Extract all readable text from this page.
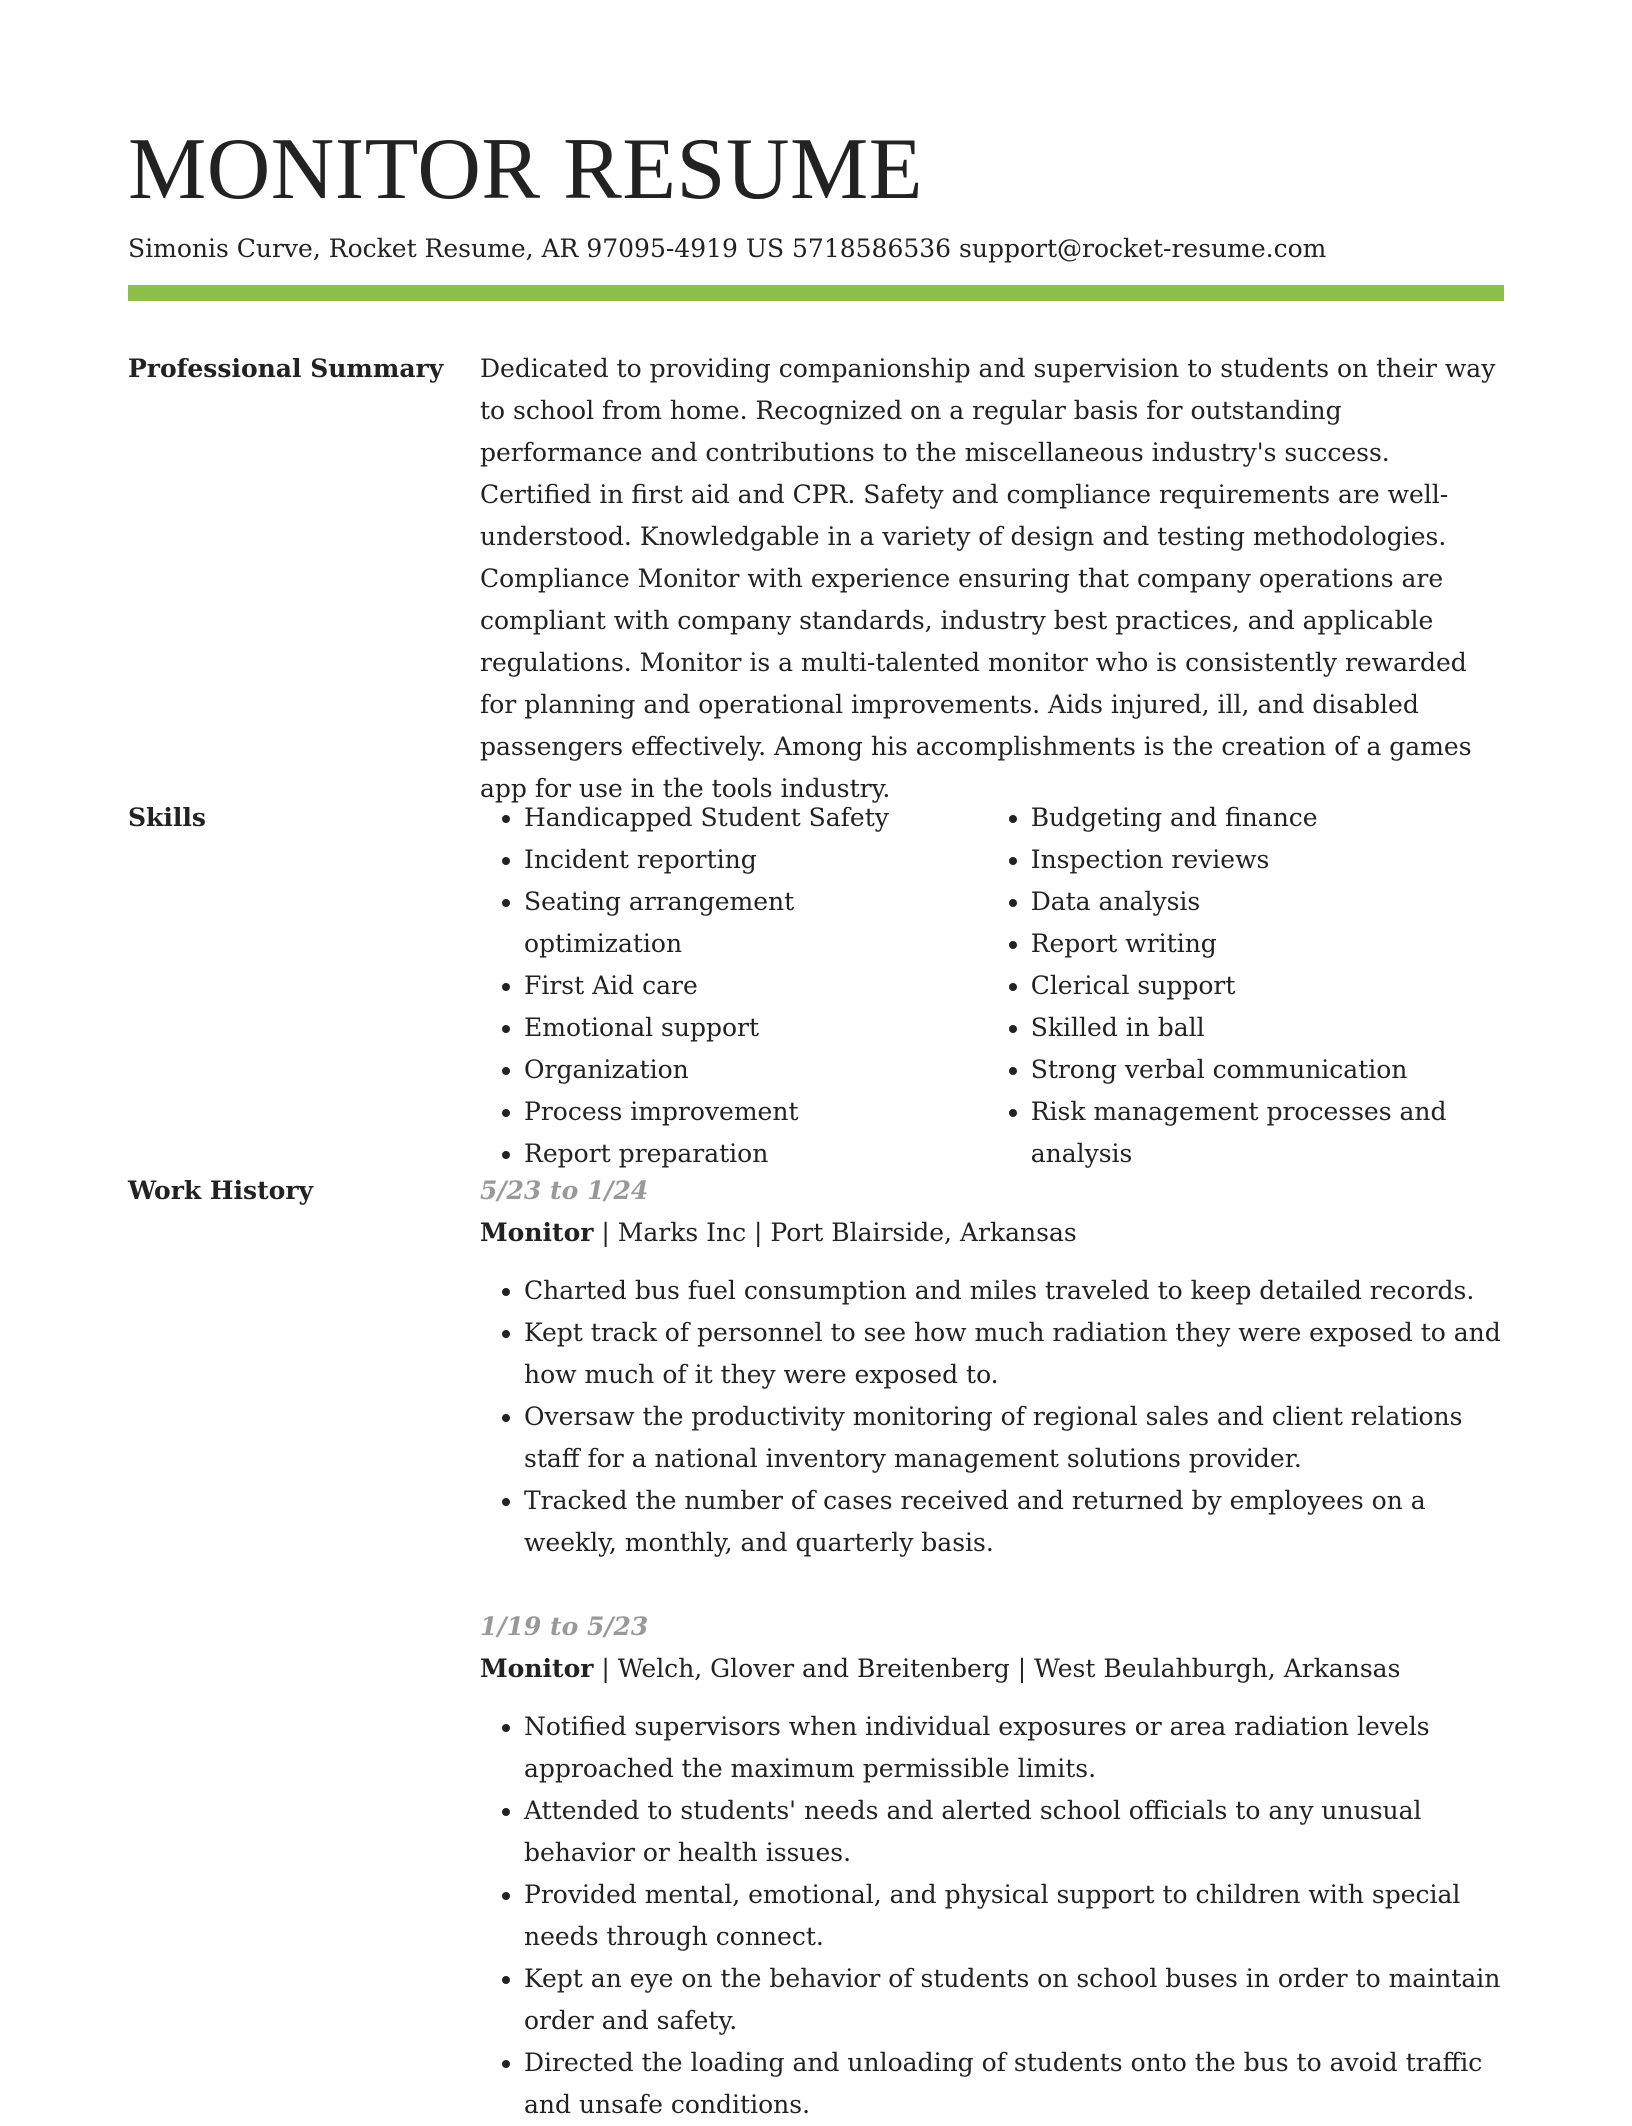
MONITOR RESUME
Simonis Curve, Rocket Resume, AR 97095-4919 US 5718586536 support@rocket-resume.com
Professional Summary Dedicated to providing companionship and supervision to students on their way to school from home. Recognized on a regular basis for outstanding performance and contributions to the miscellaneous industry's success. Certified in first aid and CPR. Safety and compliance requirements are well-understood. Knowledgable in a variety of design and testing methodologies. Compliance Monitor with experience ensuring that company operations are compliant with company standards, industry best practices, and applicable regulations. Monitor is a multi-talented monitor who is consistently rewarded for planning and operational improvements. Aids injured, ill, and disabled passengers effectively. Among his accomplishments is the creation of a games app for use in the tools industry.

Skills
•	Handicapped Student Safety
• Incident reporting
• Seating arrangement optimization
• First Aid care
• Emotional support
• Organization
• Process improvement
• Report preparation
• Budgeting and finance
• Inspection reviews
• Data analysis
• Report writing
• Clerical support
• Skilled in ball
• Strong verbal communication
• Risk management processes and analysis
Work History	5/23 to 1/24
Monitor | Marks Inc | Port Blairside, Arkansas
• Charted bus fuel consumption and miles traveled to keep detailed records.
• Kept track of personnel to see how much radiation they were exposed to and how much of it they were exposed to.
• Oversaw the productivity monitoring of regional sales and client relations staff for a national inventory management solutions provider.
• Tracked the number of cases received and returned by employees on a weekly, monthly, and quarterly basis.
1/19 to 5/23
Monitor | Welch, Glover and Breitenberg | West Beulahburgh, Arkansas
• Notified supervisors when individual exposures or area radiation levels approached the maximum permissible limits.
• Attended to students' needs and alerted school officials to any unusual behavior or health issues.
• Provided mental, emotional, and physical support to children with special needs through connect.
• Kept an eye on the behavior of students on school buses in order to maintain order and safety.
• Directed the loading and unloading of students onto the bus to avoid traffic and unsafe conditions.
